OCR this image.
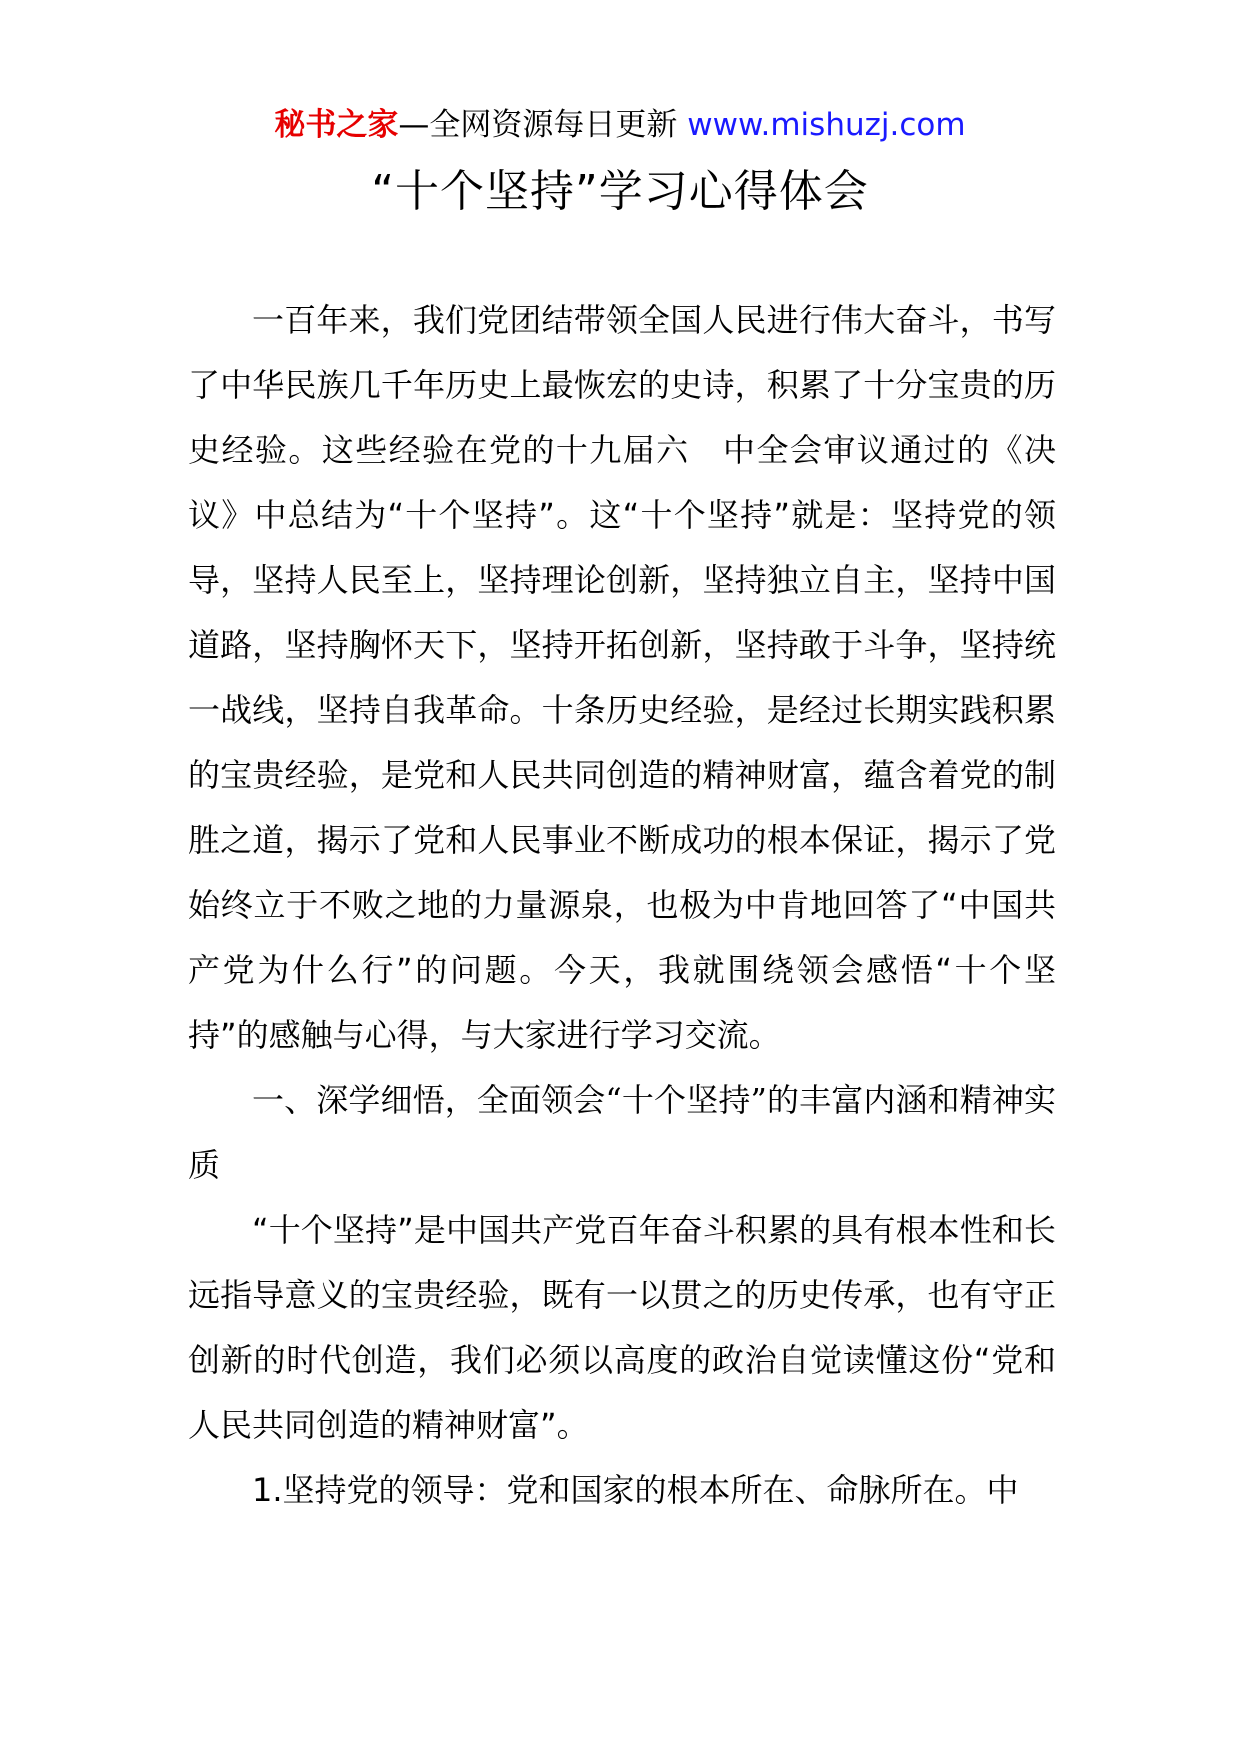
秘书之家—全网资源每日更新 www.mishuzj.com
“十个坚持”学习心得体会

一百年来，我们党团结带领全国人民进行伟大奋斗，书写了中华民族几千年历史上最恢宏的史诗，积累了十分宝贵的历史经验。这些经验在党的十九届六　中全会审议通过的《决议》中总结为“十个坚持”。这“十个坚持”就是：坚持党的领导，坚持人民至上，坚持理论创新，坚持独立自主，坚持中国道路，坚持胸怀天下，坚持开拓创新，坚持敢于斗争，坚持统一战线，坚持自我革命。十条历史经验，是经过长期实践积累的宝贵经验，是党和人民共同创造的精神财富，蕴含着党的制胜之道，揭示了党和人民事业不断成功的根本保证，揭示了党始终立于不败之地的力量源泉，也极为中肯地回答了“中国共产党为什么行”的问题。今天，我就围绕领会感悟“十个坚持”的感触与心得，与大家进行学习交流。

一、深学细悟，全面领会“十个坚持”的丰富内涵和精神实质

“十个坚持”是中国共产党百年奋斗积累的具有根本性和长远指导意义的宝贵经验，既有一以贯之的历史传承，也有守正创新的时代创造，我们必须以高度的政治自觉读懂这份“党和人民共同创造的精神财富”。

1.坚持党的领导：党和国家的根本所在、命脉所在。中
